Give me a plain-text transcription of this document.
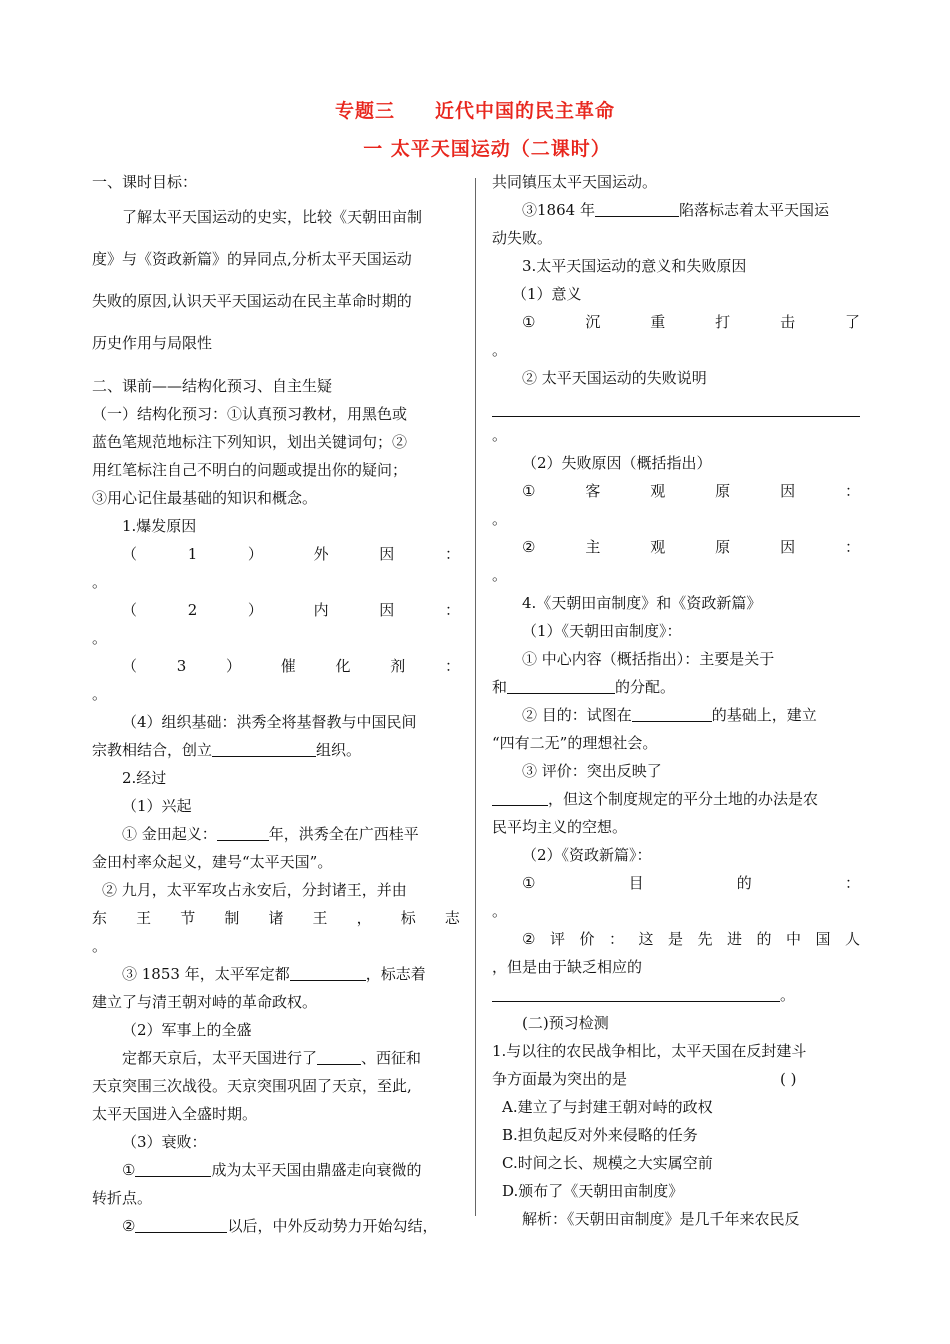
专题三 近代中国的民主革命
一 太平天国运动（二课时）
一、课时目标：
了解太平天国运动的史实，比较《天朝田亩制
度》与《资政新篇》的异同点,分析太平天国运动
失败的原因,认识天平天国运动在民主革命时期的
历史作用与局限性
二、课前——结构化预习、自主生疑
（一）结构化预习：①认真预习教材，用黑色或
蓝色笔规范地标注下列知识，划出关键词句；②
用红笔标注自己不明白的问题或提出你的疑问；
③用心记住最基础的知识和概念。
1.爆发原因
（	1	）	外	因	：
。
（	2	）	内	因	：
。
（	3	）	催	化	剂	：
。
（4）组织基础：洪秀全将基督教与中国民间
宗教相结合，创立	组织。
2.经过
（1）兴起
① 金田起义：	年，洪秀全在广西桂平
金田村率众起义，建号“太平天国”。
② 九月，太平军攻占永安后，分封诸王，并由
东 王 节 制 诸 王 ， 标 志
。
③ 1853 年，太平军定都	，标志着
建立了与清王朝对峙的革命政权。
（2）军事上的全盛
定都天京后，太平天国进行了	、西征和
天京突围三次战役。天京突围巩固了天京，至此,
太平天国进入全盛时期。
（3）衰败：
①	成为太平天国由鼎盛走向衰微的
转折点。
②	以后，中外反动势力开始勾结，
共同镇压太平天国运动。
③1864 年	陷落标志着太平天国运
动失败。
3.太平天国运动的意义和失败原因
（1）意义
①	沉	重	打	击	了
。
② 太平天国运动的失败说明
。
（2）失败原因（概括指出）
①	客	观	原	因	：
。
②	主	观	原	因	：
。
4.《天朝田亩制度》和《资政新篇》
（1）《天朝田亩制度》：
① 中心内容（概括指出）：主要是关于
和	的分配。
② 目的：试图在	的基础上，建立
“四有二无”的理想社会。
③ 评价：突出反映了
，但这个制度规定的平分土地的办法是农
民平均主义的空想。
（2）《资政新篇》：
①	目	的	：
。
② 评 价 ： 这 是 先 进 的 中 国 人
，但是由于缺乏相应的
。
(二)预习检测
1.与以往的农民战争相比，太平天国在反封建斗
争方面最为突出的是	( )
A.建立了与封建王朝对峙的政权
B.担负起反对外来侵略的任务
C.时间之长、规模之大实属空前
D.颁布了《天朝田亩制度》
解析：《天朝田亩制度》是几千年来农民反
